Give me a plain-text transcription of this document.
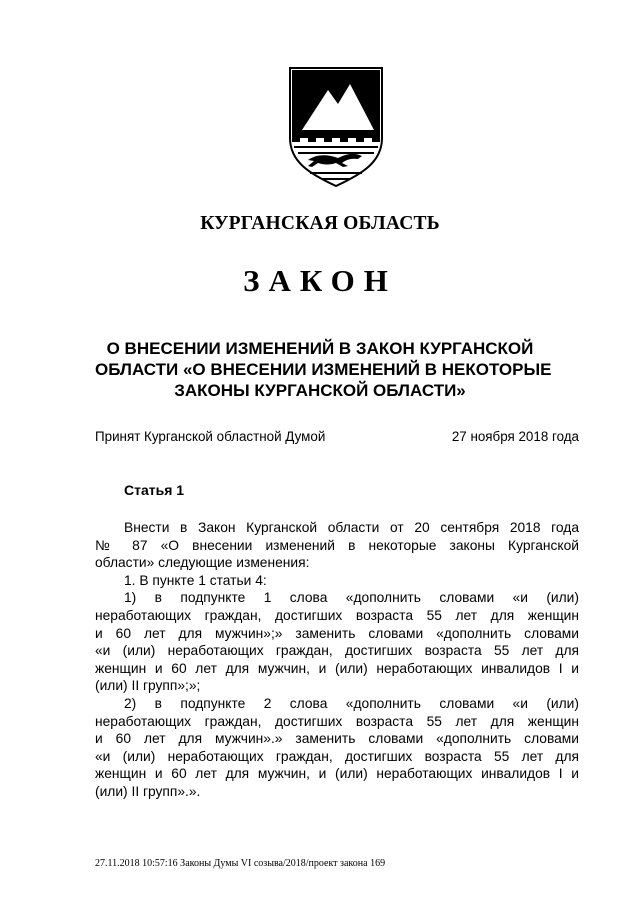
КУРГАНСКАЯ ОБЛАСТЬ
ЗАКОН
О ВНЕСЕНИИ ИЗМЕНЕНИЙ В ЗАКОН КУРГАНСКОЙ
ОБЛАСТИ «О ВНЕСЕНИИ ИЗМЕНЕНИЙ В НЕКОТОРЫЕ
ЗАКОНЫ КУРГАНСКОЙ ОБЛАСТИ»
Принят Курганской областной Думой	27 ноября 2018 года
Статья 1
Внести в Закон Курганской области от 20 сентября 2018 года
№ 87 «О внесении изменений в некоторые законы Курганской
области» следующие изменения:
1. В пункте 1 статьи 4:
1) в подпункте 1 слова «дополнить словами «и (или)
неработающих граждан, достигших возраста 55 лет для женщин
и 60 лет для мужчин»;» заменить словами «дополнить словами
«и (или) неработающих граждан, достигших возраста 55 лет для
женщин и 60 лет для мужчин, и (или) неработающих инвалидов I и
(или) II групп»;»;
2) в подпункте 2 слова «дополнить словами «и (или)
неработающих граждан, достигших возраста 55 лет для женщин
и 60 лет для мужчин».» заменить словами «дополнить словами
«и (или) неработающих граждан, достигших возраста 55 лет для
женщин и 60 лет для мужчин, и (или) неработающих инвалидов I и
(или) II групп».».
27.11.2018 10:57:16 Законы Думы VI созыва/2018/проект закона 169
